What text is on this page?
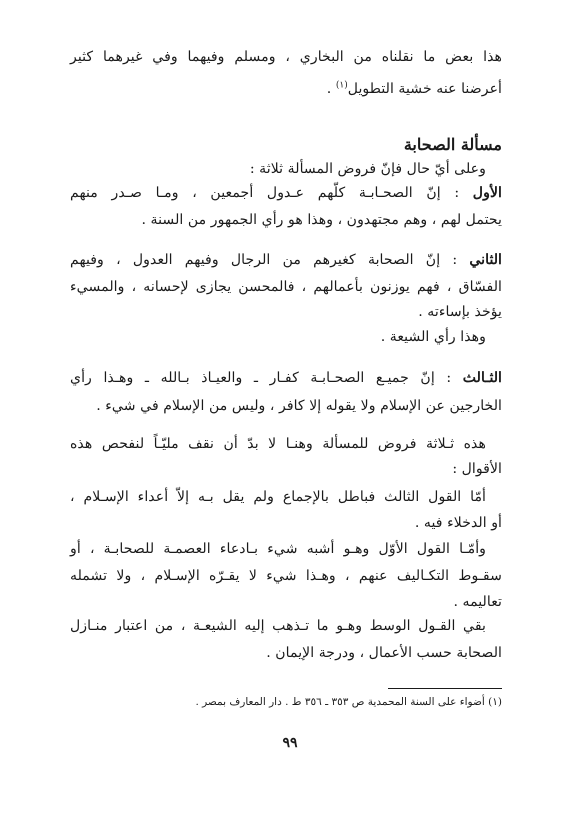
هذا بعض ما نقلناه من البخاري ، ومسلم وفيهما وفي غيرهما كثير
أعرضنا عنه خشية التطويل$^{(١)}$ .
مسألة الصحابة
وعلى أيّ حال فإنّ فروض المسألة ثلاثة :
الأول : إنّ الصحـابـة كلّهم عـدول أجمعين ، ومـا صـدر منهم
يحتمل لهم ، وهم مجتهدون ، وهذا هو رأي الجمهور من السنة .
الثاني : إنّ الصحابة كغيرهم من الرجال وفيهم العدول ، وفيهم
الفسّاق ، فهم يوزنون بأعمالهم ، فالمحسن يجازى لإحسانه ، والمسيء
يؤخذ بإساءته .
وهذا رأي الشيعة .
الثـالث : إنّ جميـع الصحـابـة كفـار ـ والعيـاذ بـالله ـ وهـذا رأي
الخارجين عن الإسلام ولا يقوله إلا كافر ، وليس من الإسلام في شيء .
هذه ثـلاثة فروض للمسألة وهنـا لا بدّ أن نقف مليّـاً لنفحص هذه
الأقوال :
أمّا القول الثالث فباطل بالإجماع ولم يقل بـه إلاّ أعداء الإسـلام ،
أو الدخلاء فيه .
وأمّـا القول الأوّل وهـو أشبه شيء بـادعاء العصمـة للصحابـة ، أو
سقـوط التكـاليف عنهم ، وهـذا شيء لا يقـرّه الإسـلام ، ولا تشمله
تعاليمه .
بقي القـول الوسط وهـو ما تـذهب إليه الشيعـة ، من اعتبار منـازل
الصحابة حسب الأعمال ، ودرجة الإيمان .
(١) أضواء على السنة المحمدية ص ٣٥٣ ـ ٣٥٦ ط . دار المعارف بمصر .
٩٩
